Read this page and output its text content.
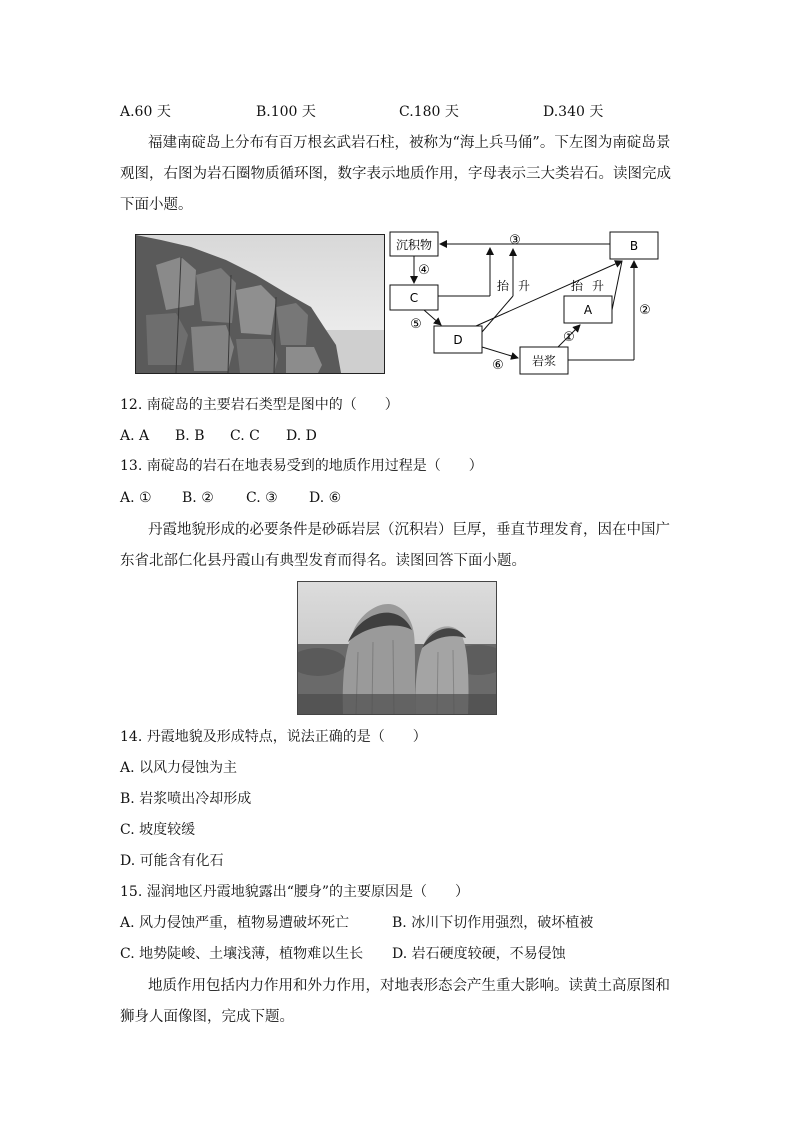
A.60 天	B.100 天	C.180 天	D.340 天
福建南碇岛上分布有百万根玄武岩石柱，被称为“海上兵马俑”。下左图为南碇岛景观图，右图为岩石圈物质循环图，数字表示地质作用，字母表示三大类岩石。读图完成下面小题。
沉积物
C
D
岩浆
A
B
③
④
⑤
⑥
①
②
抬 升	抬 升
12. 南碇岛的主要岩石类型是图中的（　　）
A. A B. B C. C D. D
13. 南碇岛的岩石在地表易受到的地质作用过程是（　　）
A. ① B. ② C. ③ D. ⑥
丹霞地貌形成的必要条件是砂砾岩层（沉积岩）巨厚，垂直节理发育，因在中国广东省北部仁化县丹霞山有典型发育而得名。读图回答下面小题。
14. 丹霞地貌及形成特点，说法正确的是（　　）
A. 以风力侵蚀为主
B. 岩浆喷出冷却形成
C. 坡度较缓
D. 可能含有化石
15. 湿润地区丹霞地貌露出“腰身”的主要原因是（　　）
A. 风力侵蚀严重，植物易遭破坏死亡	B. 冰川下切作用强烈，破坏植被
C. 地势陡峻、土壤浅薄，植物难以生长 D. 岩石硬度较硬，不易侵蚀
地质作用包括内力作用和外力作用，对地表形态会产生重大影响。读黄土高原图和狮身人面像图，完成下题。
